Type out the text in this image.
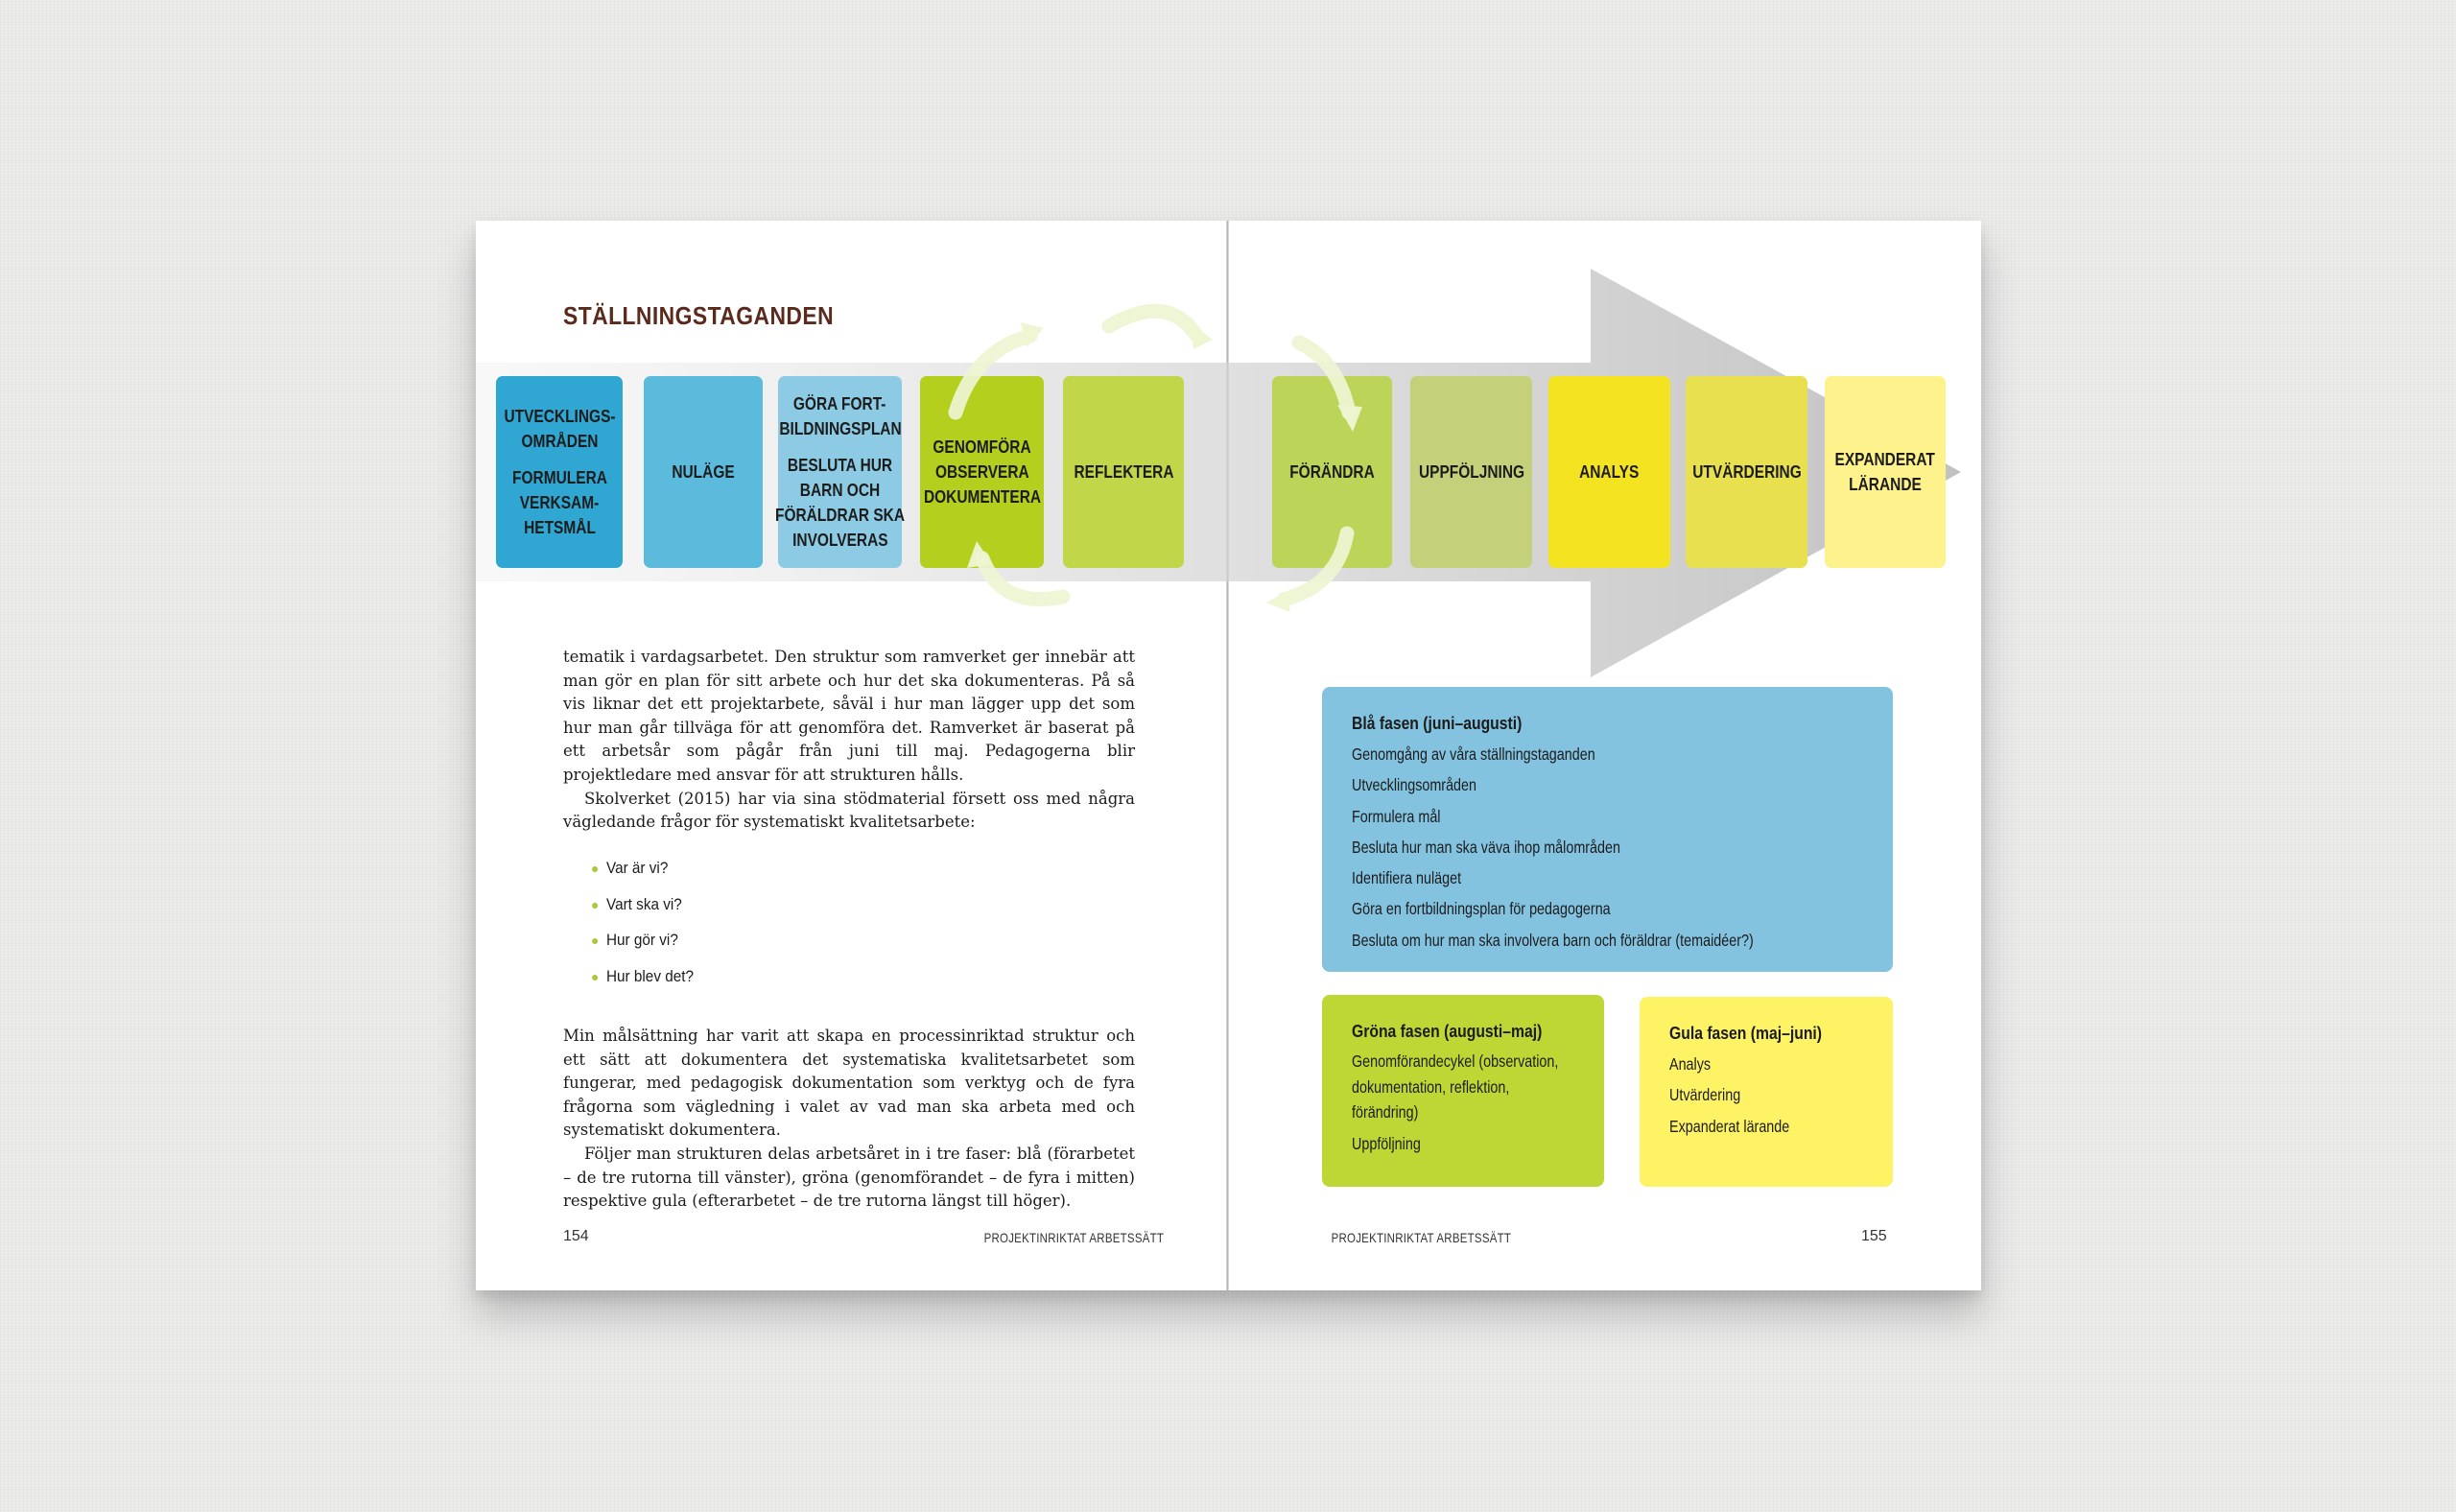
STÄLLNINGSTAGANDEN
UTVECKLINGS-
OMRÅDEN
FORMULERA
VERKSAM-
HETSMÅL
NULÄGE
GÖRA FORT-
BILDNINGSPLAN
BESLUTA HUR
BARN OCH
FÖRÄLDRAR SKA
INVOLVERAS
GENOMFÖRA
OBSERVERA
DOKUMENTERA
REFLEKTERA	FÖRÄNDRA	UPPFÖLJNING	ANALYS	UTVÄRDERING
EXPANDERAT
LÄRANDE

tematik i vardagsarbetet. Den struktur som ramverket ger innebär att man gör en plan för sitt arbete och hur det ska dokumenteras. På så vis liknar det ett projektarbete, såväl i hur man lägger upp det som hur man går tillväga för att genomföra det. Ramverket är baserat på ett arbetsår som pågår från juni till maj. Pedagogerna blir projektledare med ansvar för att strukturen hålls.

Skolverket (2015) har via sina stödmaterial försett oss med några vägledande frågor för systematiskt kvalitetsarbete:

● Var är vi?
● Vart ska vi?
● Hur gör vi?
● Hur blev det?

Min målsättning har varit att skapa en processinriktad struktur och ett sätt att dokumentera det systematiska kvalitetsarbetet som fungerar, med pedagogisk dokumentation som verktyg och de fyra frågorna som vägledning i valet av vad man ska arbeta med och systematiskt dokumentera.

Följer man strukturen delas arbetsåret in i tre faser: blå (förarbetet – de tre rutorna till vänster), gröna (genomförandet – de fyra i mitten) respektive gula (efterarbetet – de tre rutorna längst till höger).

154	PROJEKTINRIKTAT ARBETSSÄTT
Blå fasen (juni–augusti)
Genomgång av våra ställningstaganden
Utvecklingsområden
Formulera mål
Besluta hur man ska väva ihop målområden
Identifiera nuläget
Göra en fortbildningsplan för pedagogerna
Besluta om hur man ska involvera barn och föräldrar (temaidéer?)
Gröna fasen (augusti–maj)
Genomförandecykel (observation,
dokumentation, reflektion,
förändring)
Uppföljning
Gula fasen (maj–juni)
Analys
Utvärdering
Expanderat lärande
PROJEKTINRIKTAT ARBETSSÄTT	155
